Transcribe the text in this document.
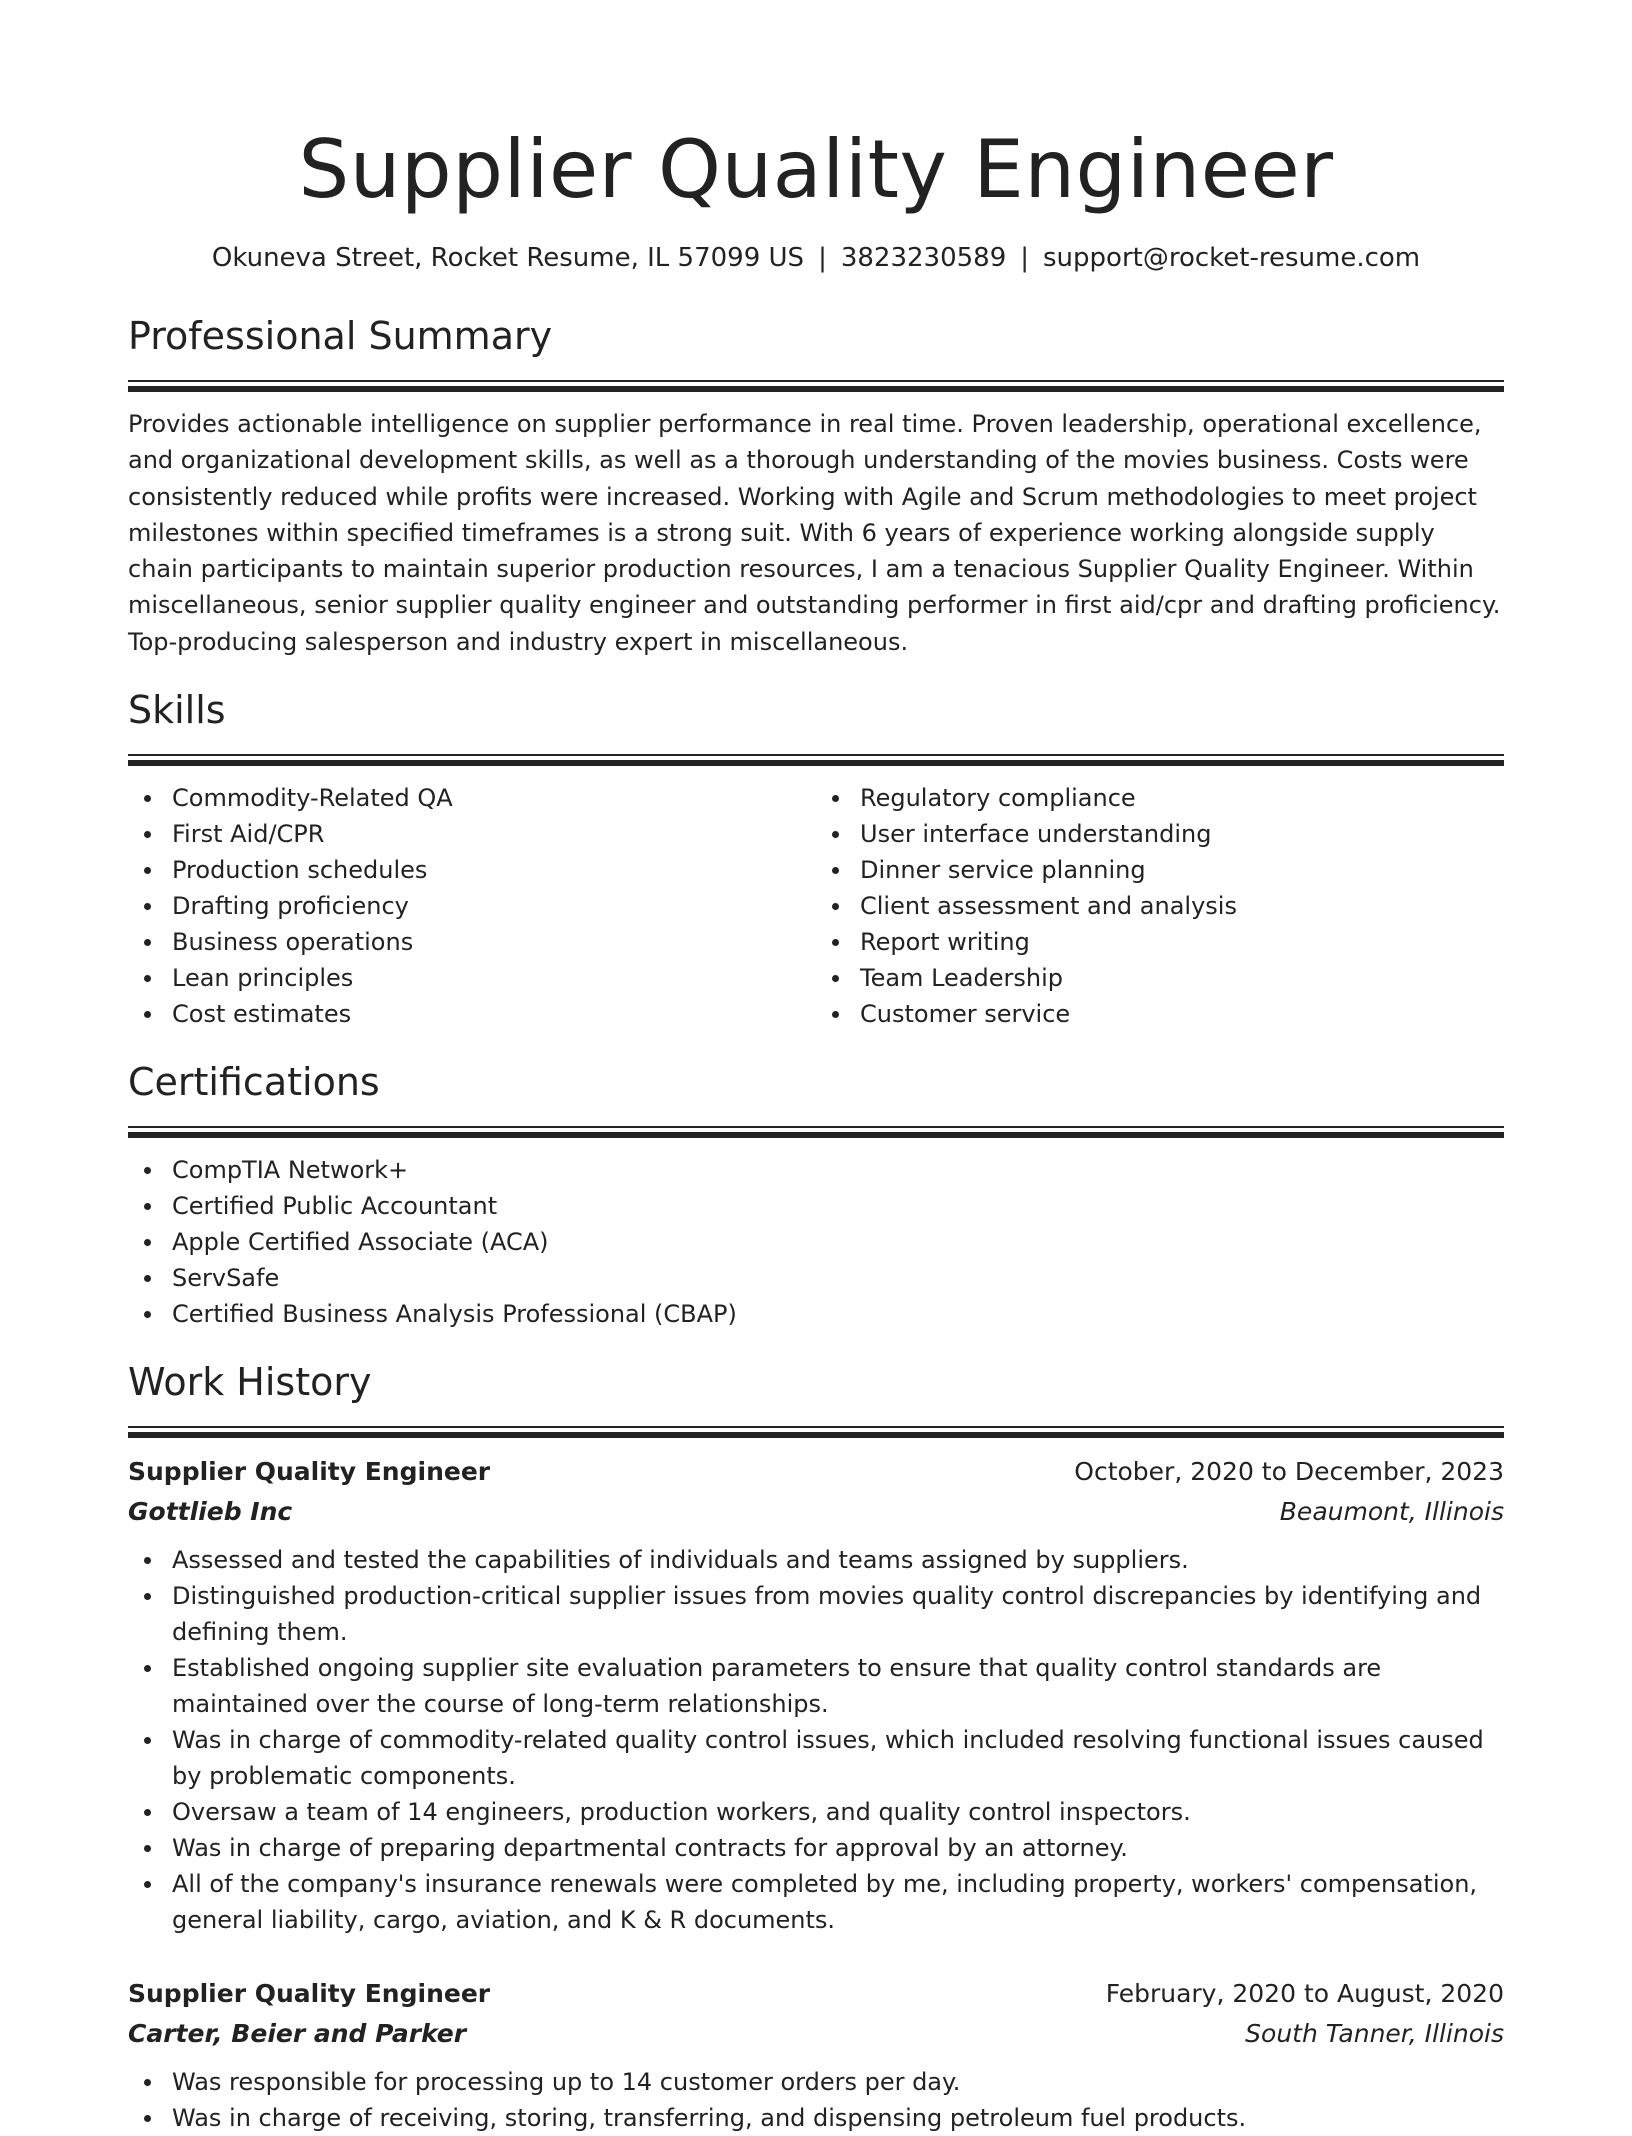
Supplier Quality Engineer
Okuneva Street, Rocket Resume, IL 57099 US | 3823230589 | support@rocket-resume.com
Professional Summary
Provides actionable intelligence on supplier performance in real time. Proven leadership, operational excellence, and organizational development skills, as well as a thorough understanding of the movies business. Costs were consistently reduced while profits were increased. Working with Agile and Scrum methodologies to meet project milestones within specified timeframes is a strong suit. With 6 years of experience working alongside supply chain participants to maintain superior production resources, I am a tenacious Supplier Quality Engineer. Within miscellaneous, senior supplier quality engineer and outstanding performer in first aid/cpr and drafting proficiency. Top-producing salesperson and industry expert in miscellaneous.
Skills
Commodity-Related QA
First Aid/CPR
Production schedules
Drafting proficiency
Business operations
Lean principles
Cost estimates
Regulatory compliance
User interface understanding
Dinner service planning
Client assessment and analysis
Report writing
Team Leadership
Customer service
Certifications
CompTIA Network+
Certified Public Accountant
Apple Certified Associate (ACA)
ServSafe
Certified Business Analysis Professional (CBAP)
Work History
Supplier Quality Engineer	October, 2020 to December, 2023
Gottlieb Inc	Beaumont, Illinois
Assessed and tested the capabilities of individuals and teams assigned by suppliers.
Distinguished production-critical supplier issues from movies quality control discrepancies by identifying and defining them.
Established ongoing supplier site evaluation parameters to ensure that quality control standards are maintained over the course of long-term relationships.
Was in charge of commodity-related quality control issues, which included resolving functional issues caused by problematic components.
Oversaw a team of 14 engineers, production workers, and quality control inspectors.
Was in charge of preparing departmental contracts for approval by an attorney.
All of the company's insurance renewals were completed by me, including property, workers' compensation, general liability, cargo, aviation, and K & R documents.
Supplier Quality Engineer	February, 2020 to August, 2020
Carter, Beier and Parker	South Tanner, Illinois
Was responsible for processing up to 14 customer orders per day.
Was in charge of receiving, storing, transferring, and dispensing petroleum fuel products.
